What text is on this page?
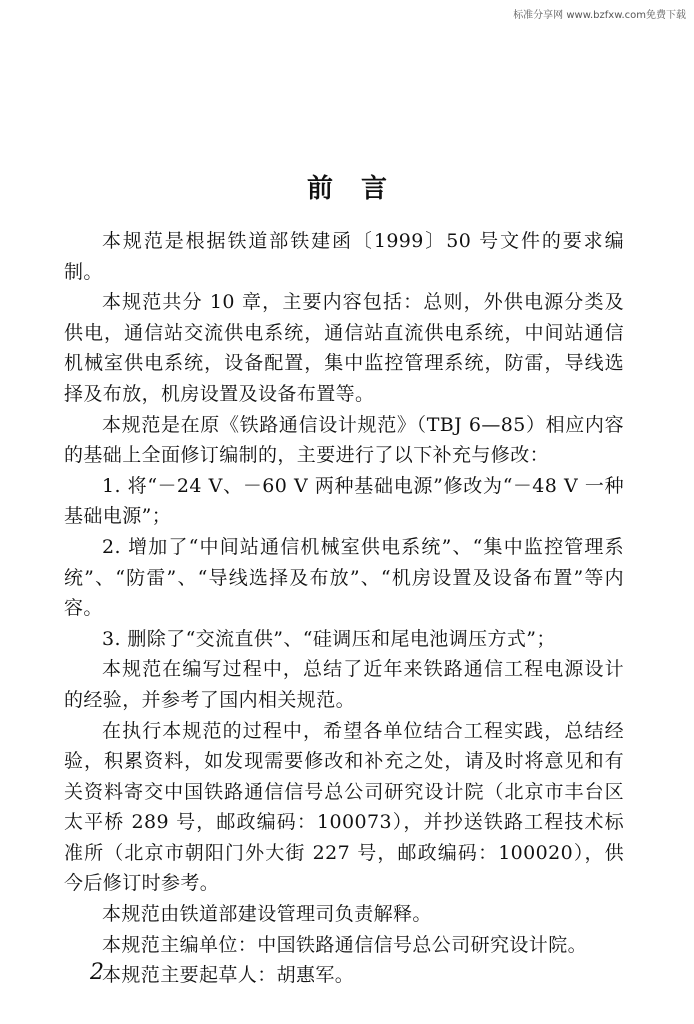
标准分享网 www.bzfxw.com免费下载
前言

本规范是根据铁道部铁建函〔1999〕50 号文件的要求编制。

本规范共分 10 章，主要内容包括：总则，外供电源分类及供电，通信站交流供电系统，通信站直流供电系统，中间站通信机械室供电系统，设备配置，集中监控管理系统，防雷，导线选择及布放，机房设置及设备布置等。

本规范是在原《铁路通信设计规范》（TBJ 6—85）相应内容的基础上全面修订编制的，主要进行了以下补充与修改：

1. 将“－24 V、－60 V 两种基础电源”修改为“－48 V 一种基础电源”；

2. 增加了“中间站通信机械室供电系统”、“集中监控管理系统”、“防雷”、“导线选择及布放”、“机房设置及设备布置”等内容。

3. 删除了“交流直供”、“硅调压和尾电池调压方式”；

本规范在编写过程中，总结了近年来铁路通信工程电源设计的经验，并参考了国内相关规范。

在执行本规范的过程中，希望各单位结合工程实践，总结经验，积累资料，如发现需要修改和补充之处，请及时将意见和有关资料寄交中国铁路通信信号总公司研究设计院（北京市丰台区太平桥 289 号，邮政编码：100073），并抄送铁路工程技术标准所（北京市朝阳门外大街 227 号，邮政编码：100020），供今后修订时参考。

本规范由铁道部建设管理司负责解释。

本规范主编单位：中国铁路通信信号总公司研究设计院。

本规范主要起草人：胡惠军。

2
